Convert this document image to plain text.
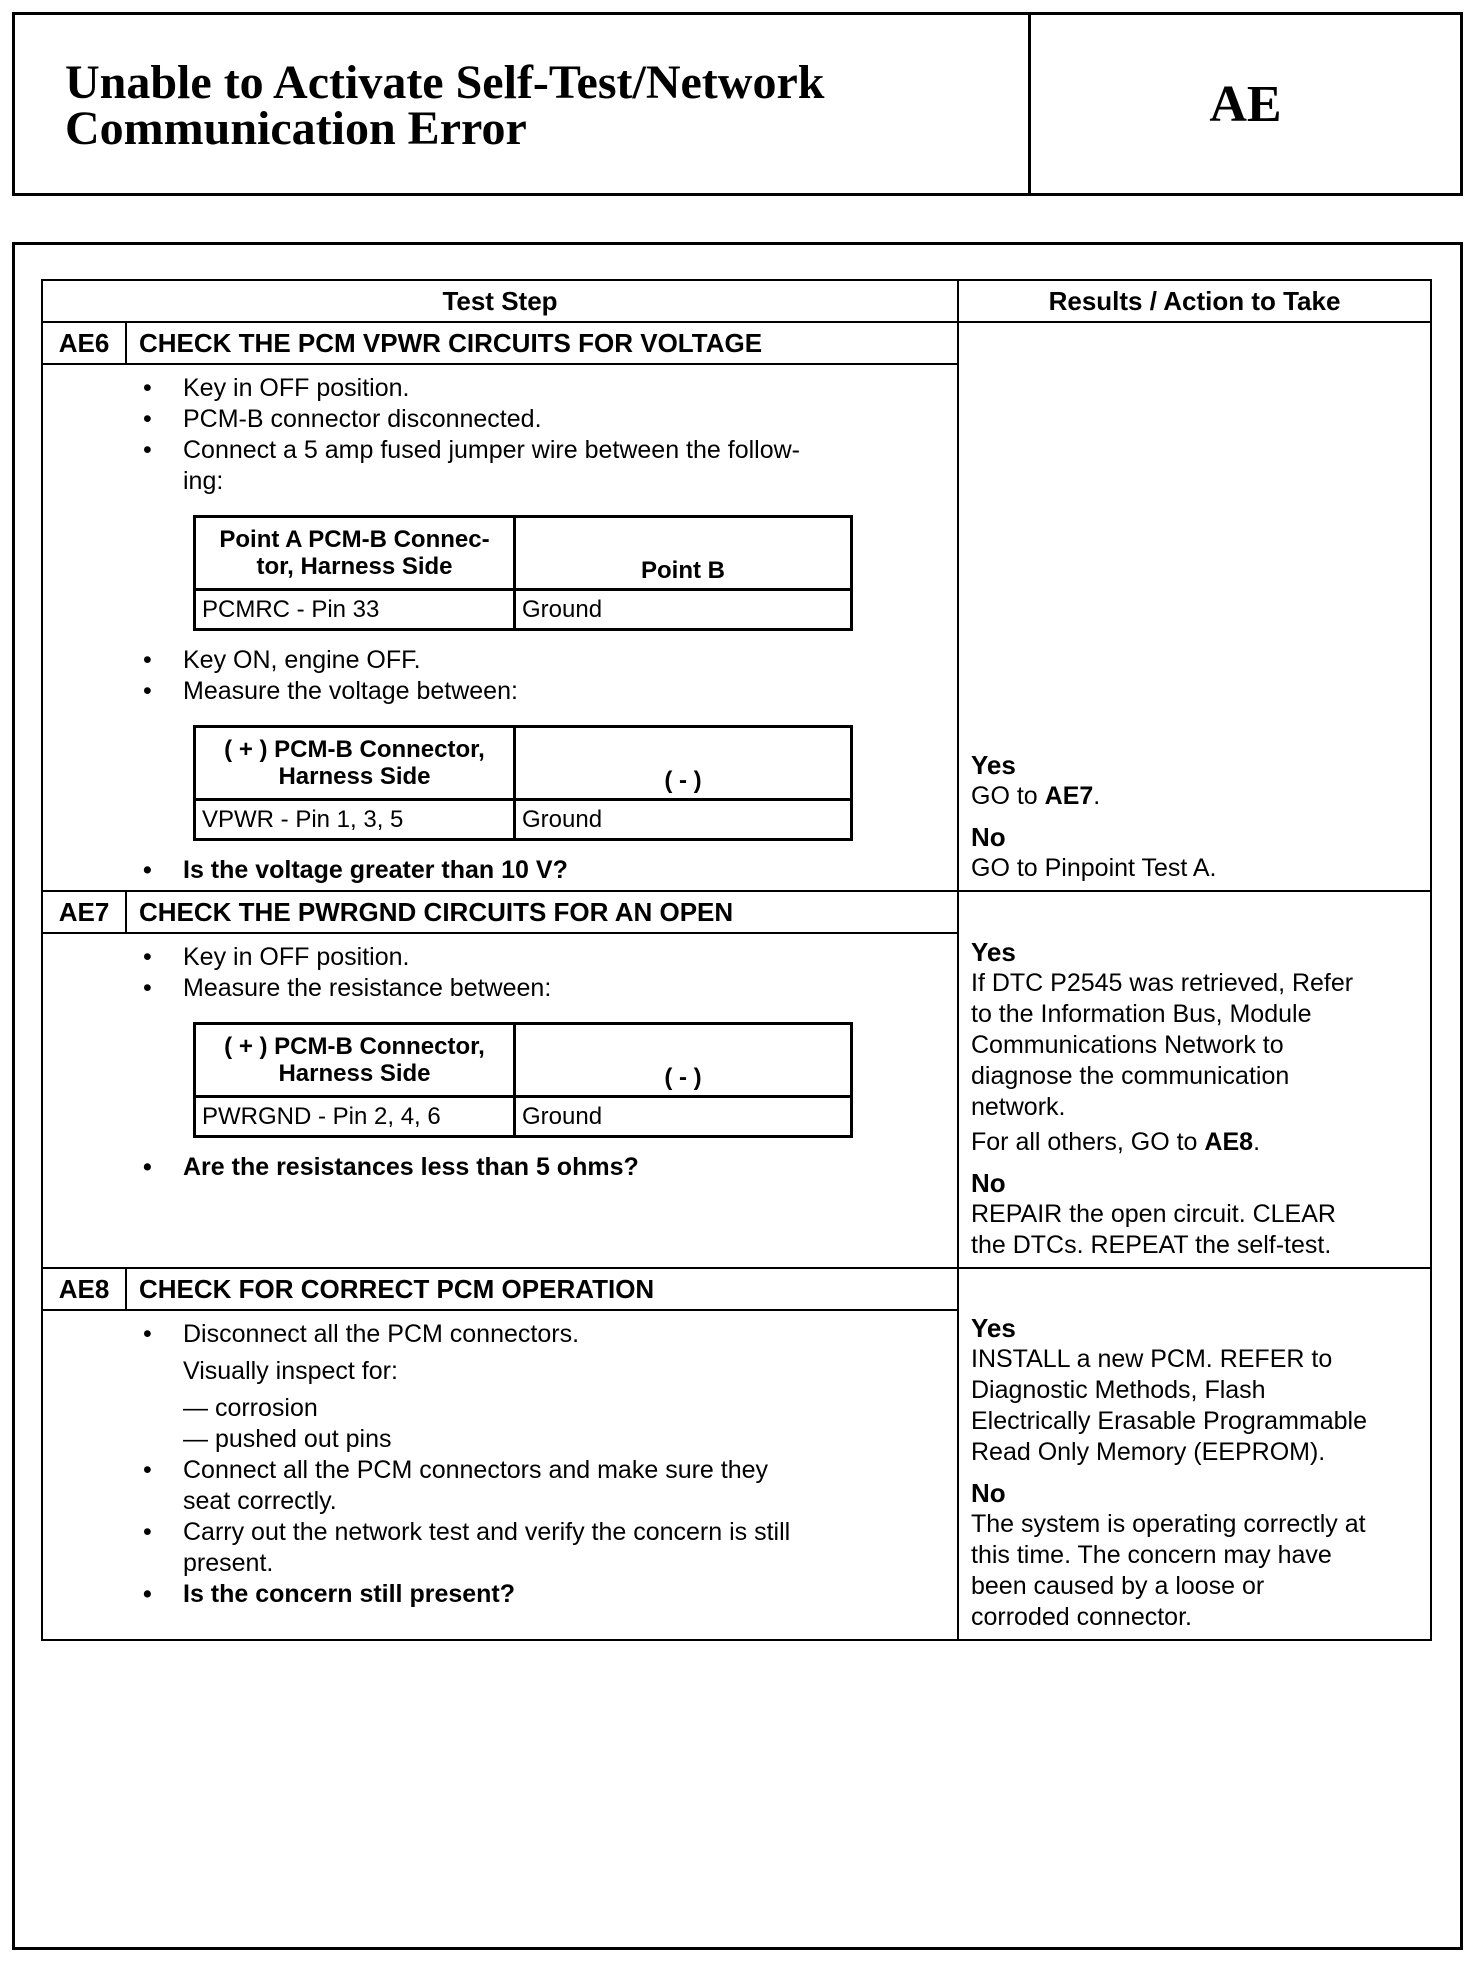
Unable to Activate Self-Test/Network
Communication Error	AE
Test Step	Results / Action to Take

AE6	CHECK THE PCM VPWR CIRCUITS FOR VOLTAGE
• Key in OFF position.
• PCM-B connector disconnected.
• Connect a 5 amp fused jumper wire between the follow-
ing:
Point A PCM-B Connec-
tor, Harness Side	Point B
PCMRC - Pin 33	Ground
• Key ON, engine OFF.
• Measure the voltage between:
( + ) PCM-B Connector,
Harness Side	( - )
VPWR - Pin 1, 3, 5	Ground
• Is the voltage greater than 10 V?

Yes
GO to AE7.
No
GO to Pinpoint Test A.

AE7	CHECK THE PWRGND CIRCUITS FOR AN OPEN
• Key in OFF position.
• Measure the resistance between:
( + ) PCM-B Connector,
Harness Side	( - )
PWRGND - Pin 2, 4, 6	Ground
• Are the resistances less than 5 ohms?

Yes
If DTC P2545 was retrieved, Refer
to the Information Bus, Module
Communications Network to
diagnose the communication
network.
For all others, GO to AE8.
No
REPAIR the open circuit. CLEAR
the DTCs. REPEAT the self-test.

AE8	CHECK FOR CORRECT PCM OPERATION
• Disconnect all the PCM connectors.
Visually inspect for:
— corrosion
— pushed out pins
• Connect all the PCM connectors and make sure they
seat correctly.
• Carry out the network test and verify the concern is still
present.
• Is the concern still present?

Yes
INSTALL a new PCM. REFER to
Diagnostic Methods, Flash
Electrically Erasable Programmable
Read Only Memory (EEPROM).
No
The system is operating correctly at
this time. The concern may have
been caused by a loose or
corroded connector.
